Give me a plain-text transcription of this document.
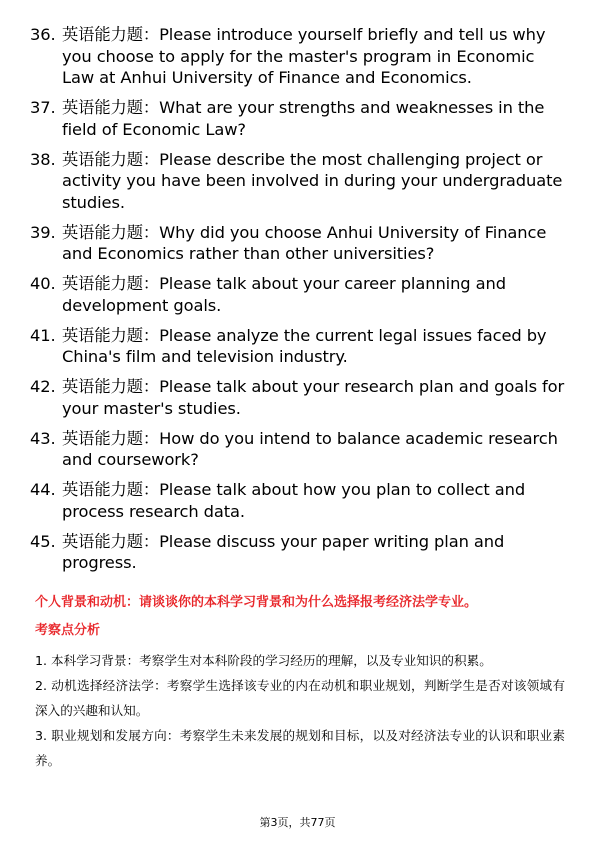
36. 英语能力题：Please introduce yourself briefly and tell us why you choose to apply for the master's program in Economic Law at Anhui University of Finance and Economics.
37. 英语能力题：What are your strengths and weaknesses in the field of Economic Law?
38. 英语能力题：Please describe the most challenging project or activity you have been involved in during your undergraduate studies.
39. 英语能力题：Why did you choose Anhui University of Finance and Economics rather than other universities?
40. 英语能力题：Please talk about your career planning and development goals.
41. 英语能力题：Please analyze the current legal issues faced by China's film and television industry.
42. 英语能力题：Please talk about your research plan and goals for your master's studies.
43. 英语能力题：How do you intend to balance academic research and coursework?
44. 英语能力题：Please talk about how you plan to collect and process research data.
45. 英语能力题：Please discuss your paper writing plan and progress.
个人背景和动机：请谈谈你的本科学习背景和为什么选择报考经济法学专业。
考察点分析
1. 本科学习背景：考察学生对本科阶段的学习经历的理解，以及专业知识的积累。
2. 动机选择经济法学：考察学生选择该专业的内在动机和职业规划，判断学生是否对该领域有深入的兴趣和认知。
3. 职业规划和发展方向：考察学生未来发展的规划和目标，以及对经济法专业的认识和职业素养。
第3页，共77页
